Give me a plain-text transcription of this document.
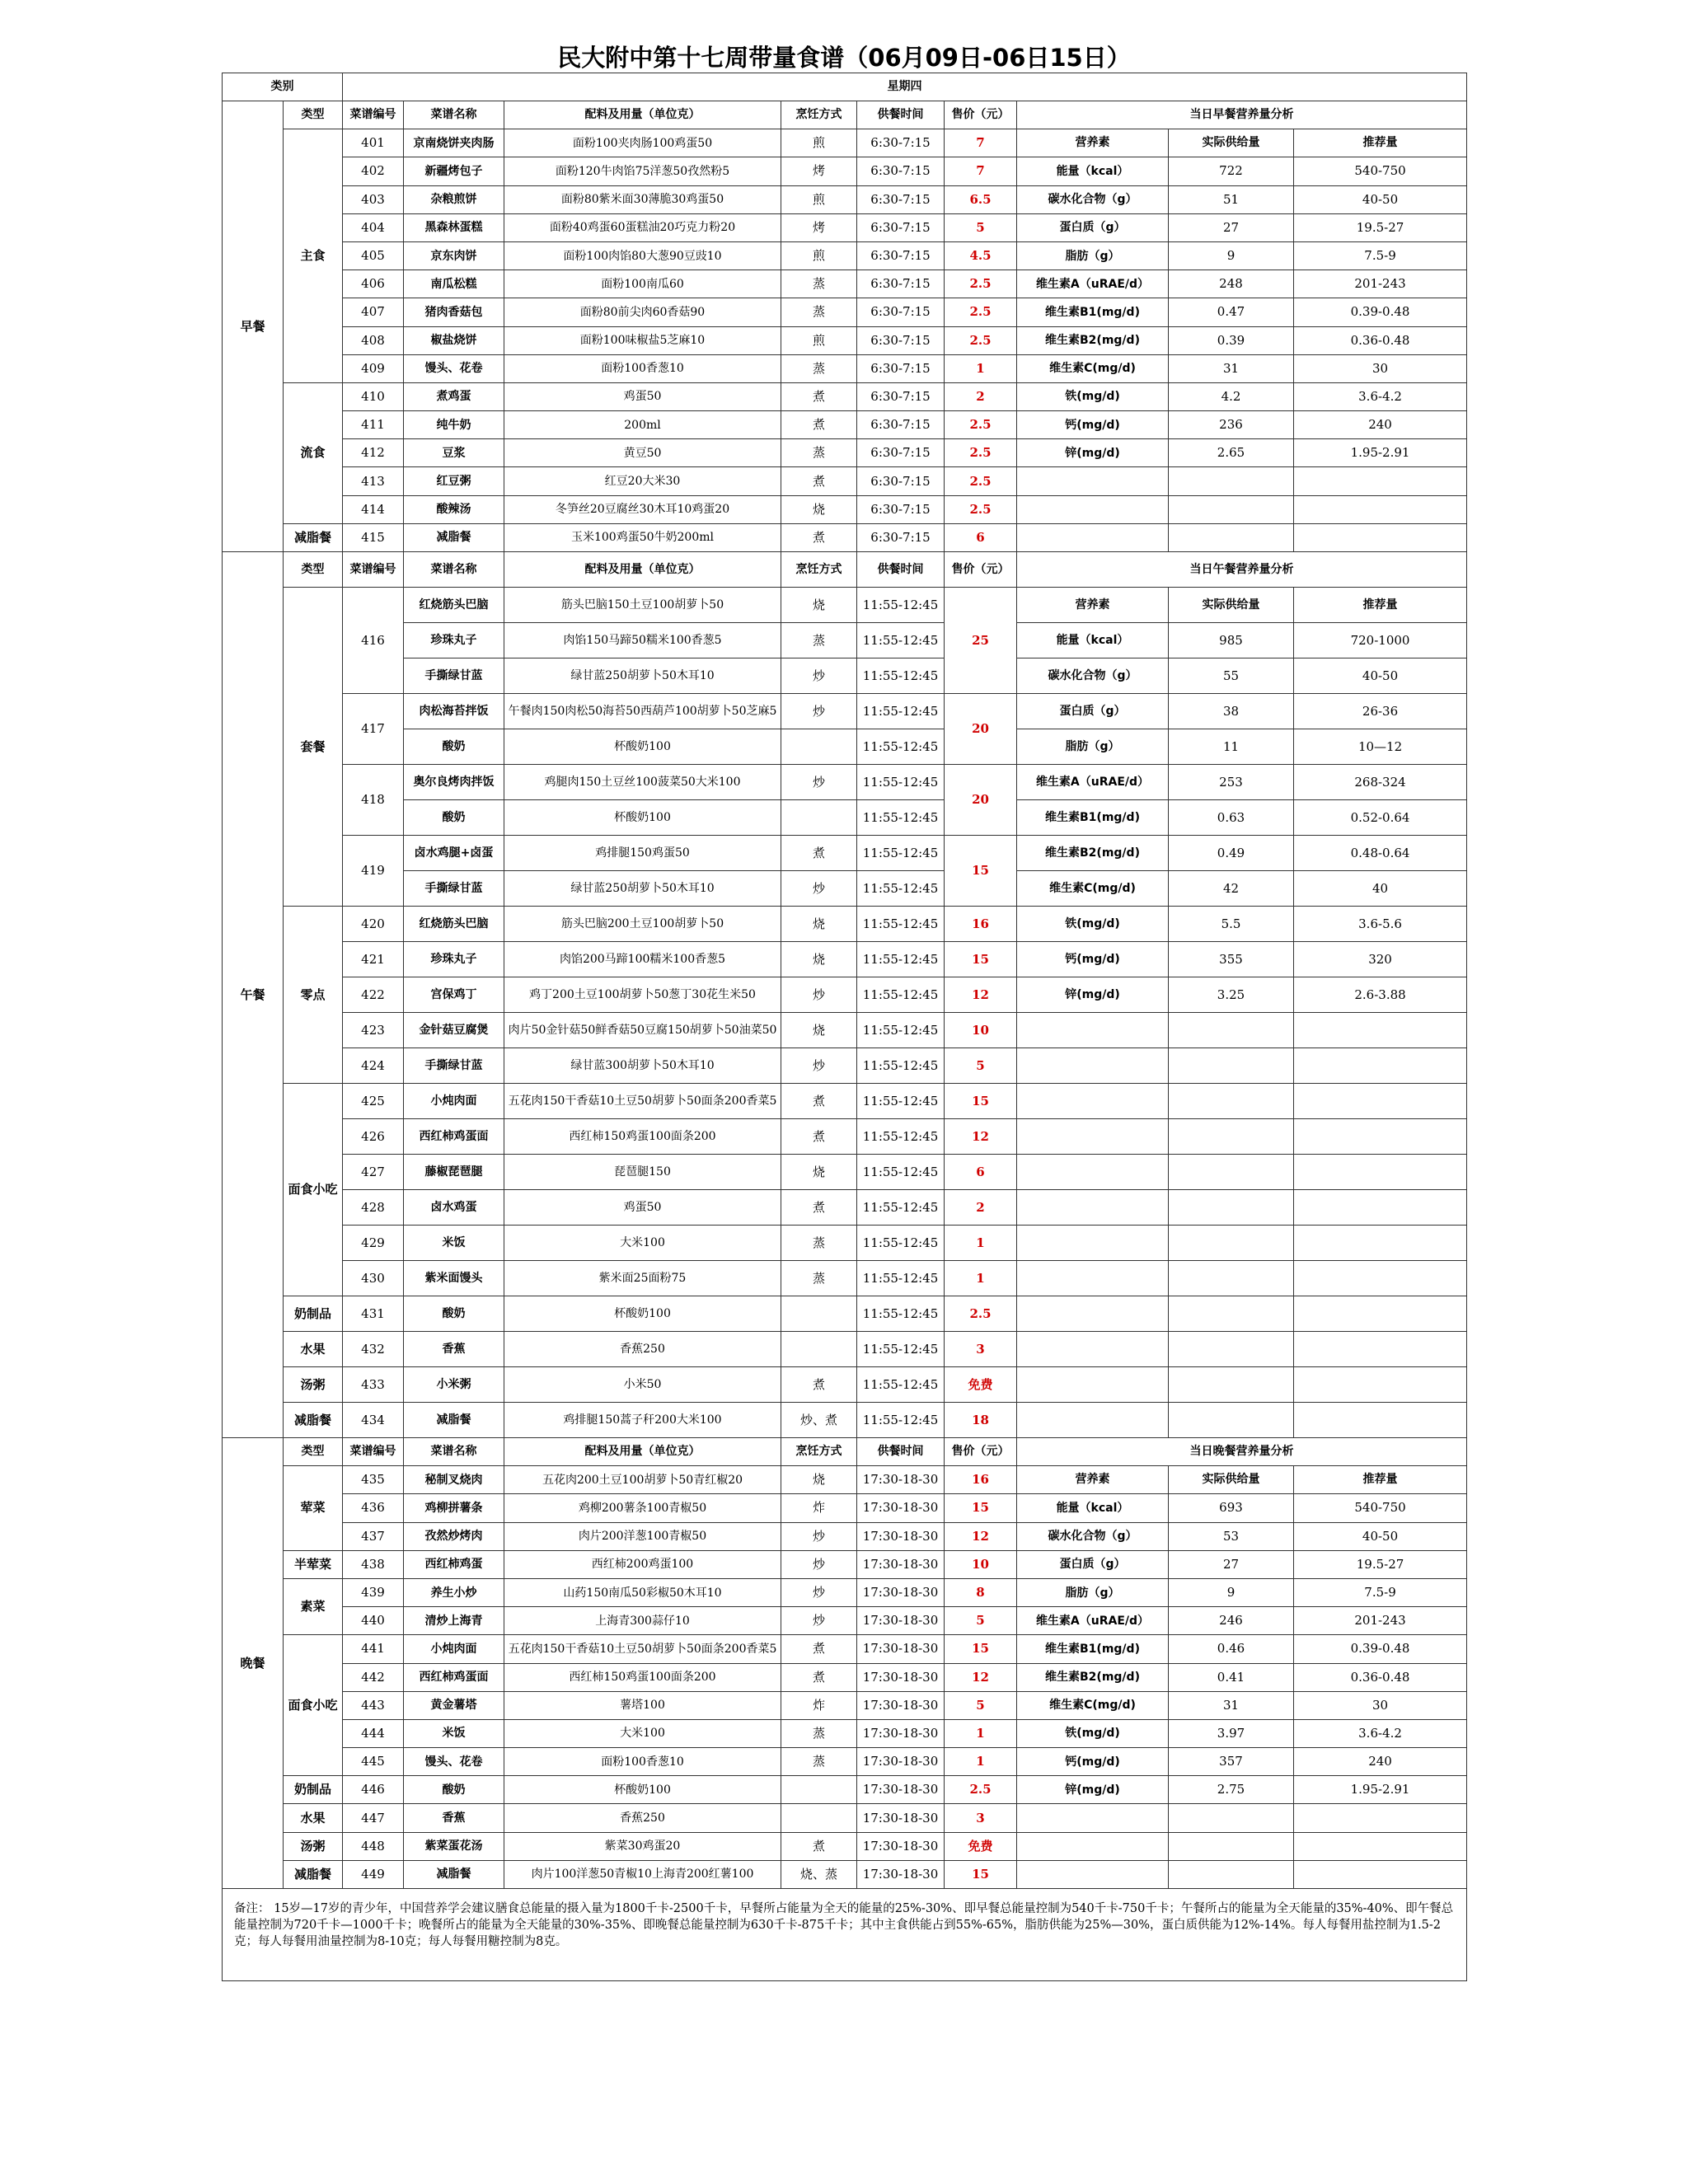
民大附中第十七周带量食谱（06月09日-06日15日）
类别		星期四								
早餐	类型	菜谱编号	菜谱名称	配料及用量（单位克）	烹饪方式	供餐时间	售价（元）	当日早餐营养量分析		
	主食	401	京南烧饼夹肉肠	面粉100夹肉肠100鸡蛋50	煎	6:30-7:15	7	营养素	实际供给量	推荐量
		402	新疆烤包子	面粉120牛肉馅75洋葱50孜然粉5	烤	6:30-7:15	7	能量（kcal）	722	540-750
		403	杂粮煎饼	面粉80紫米面30薄脆30鸡蛋50	煎	6:30-7:15	6.5	碳水化合物（g）	51	40-50
		404	黑森林蛋糕	面粉40鸡蛋60蛋糕油20巧克力粉20	烤	6:30-7:15	5	蛋白质（g）	27	19.5-27
		405	京东肉饼	面粉100肉馅80大葱90豆豉10	煎	6:30-7:15	4.5	脂肪（g）	9	7.5-9
		406	南瓜松糕	面粉100南瓜60	蒸	6:30-7:15	2.5	维生素A（uRAE/d）	248	201-243
		407	猪肉香菇包	面粉80前尖肉60香菇90	蒸	6:30-7:15	2.5	维生素B1(mg/d)	0.47	0.39-0.48
		408	椒盐烧饼	面粉100味椒盐5芝麻10	煎	6:30-7:15	2.5	维生素B2(mg/d)	0.39	0.36-0.48
		409	馒头、花卷	面粉100香葱10	蒸	6:30-7:15	1	维生素C(mg/d)	31	30
	流食	410	煮鸡蛋	鸡蛋50	煮	6:30-7:15	2	铁(mg/d)	4.2	3.6-4.2
		411	纯牛奶	200ml	煮	6:30-7:15	2.5	钙(mg/d)	236	240
		412	豆浆	黄豆50	蒸	6:30-7:15	2.5	锌(mg/d)	2.65	1.95-2.91
		413	红豆粥	红豆20大米30	煮	6:30-7:15	2.5			
		414	酸辣汤	冬笋丝20豆腐丝30木耳10鸡蛋20	烧	6:30-7:15	2.5			
	减脂餐	415	减脂餐	玉米100鸡蛋50牛奶200ml	煮	6:30-7:15	6			
午餐	类型	菜谱编号	菜谱名称	配料及用量（单位克）	烹饪方式	供餐时间	售价（元）	当日午餐营养量分析		
	套餐	416	红烧筋头巴脑	筋头巴脑150土豆100胡萝卜50	烧	11:55-12:45	25	营养素	实际供给量	推荐量
			珍珠丸子	肉馅150马蹄50糯米100香葱5	蒸	11:55-12:45		能量（kcal）	985	720-1000
			手撕绿甘蓝	绿甘蓝250胡萝卜50木耳10	炒	11:55-12:45		碳水化合物（g）	55	40-50
		417	肉松海苔拌饭	午餐肉150肉松50海苔50西葫芦100胡萝卜50芝麻5	炒	11:55-12:45	20	蛋白质（g）	38	26-36
			酸奶	杯酸奶100		11:55-12:45		脂肪（g）	11	10—12
		418	奥尔良烤肉拌饭	鸡腿肉150土豆丝100菠菜50大米100	炒	11:55-12:45	20	维生素A（uRAE/d）	253	268-324
			酸奶	杯酸奶100		11:55-12:45		维生素B1(mg/d)	0.63	0.52-0.64
		419	卤水鸡腿+卤蛋	鸡排腿150鸡蛋50	煮	11:55-12:45	15	维生素B2(mg/d)	0.49	0.48-0.64
			手撕绿甘蓝	绿甘蓝250胡萝卜50木耳10	炒	11:55-12:45		维生素C(mg/d)	42	40
	零点	420	红烧筋头巴脑	筋头巴脑200土豆100胡萝卜50	烧	11:55-12:45	16	铁(mg/d)	5.5	3.6-5.6
		421	珍珠丸子	肉馅200马蹄100糯米100香葱5	烧	11:55-12:45	15	钙(mg/d)	355	320
		422	宫保鸡丁	鸡丁200土豆100胡萝卜50葱丁30花生米50	炒	11:55-12:45	12	锌(mg/d)	3.25	2.6-3.88
		423	金针菇豆腐煲	肉片50金针菇50鲜香菇50豆腐150胡萝卜50油菜50	烧	11:55-12:45	10			
		424	手撕绿甘蓝	绿甘蓝300胡萝卜50木耳10	炒	11:55-12:45	5			
	面食小吃	425	小炖肉面	五花肉150干香菇10土豆50胡萝卜50面条200香菜5	煮	11:55-12:45	15			
		426	西红柿鸡蛋面	西红柿150鸡蛋100面条200	煮	11:55-12:45	12			
		427	藤椒琵琶腿	琵琶腿150	烧	11:55-12:45	6			
		428	卤水鸡蛋	鸡蛋50	煮	11:55-12:45	2			
		429	米饭	大米100	蒸	11:55-12:45	1			
		430	紫米面馒头	紫米面25面粉75	蒸	11:55-12:45	1			
	奶制品	431	酸奶	杯酸奶100		11:55-12:45	2.5			
	水果	432	香蕉	香蕉250		11:55-12:45	3			
	汤粥	433	小米粥	小米50	煮	11:55-12:45	免费			
	减脂餐	434	减脂餐	鸡排腿150蒿子秆200大米100	炒、煮	11:55-12:45	18			
晚餐	类型	菜谱编号	菜谱名称	配料及用量（单位克）	烹饪方式	供餐时间	售价（元）	当日晚餐营养量分析		
	荤菜	435	秘制叉烧肉	五花肉200土豆100胡萝卜50青红椒20	烧	17:30-18-30	16	营养素	实际供给量	推荐量
		436	鸡柳拼薯条	鸡柳200薯条100青椒50	炸	17:30-18-30	15	能量（kcal）	693	540-750
		437	孜然炒烤肉	肉片200洋葱100青椒50	炒	17:30-18-30	12	碳水化合物（g）	53	40-50
	半荤菜	438	西红柿鸡蛋	西红柿200鸡蛋100	炒	17:30-18-30	10	蛋白质（g）	27	19.5-27
	素菜	439	养生小炒	山药150南瓜50彩椒50木耳10	炒	17:30-18-30	8	脂肪（g）	9	7.5-9
		440	清炒上海青	上海青300蒜仔10	炒	17:30-18-30	5	维生素A（uRAE/d）	246	201-243
	面食小吃	441	小炖肉面	五花肉150干香菇10土豆50胡萝卜50面条200香菜5	煮	17:30-18-30	15	维生素B1(mg/d)	0.46	0.39-0.48
		442	西红柿鸡蛋面	西红柿150鸡蛋100面条200	煮	17:30-18-30	12	维生素B2(mg/d)	0.41	0.36-0.48
		443	黄金薯塔	薯塔100	炸	17:30-18-30	5	维生素C(mg/d)	31	30
		444	米饭	大米100	蒸	17:30-18-30	1	铁(mg/d)	3.97	3.6-4.2
		445	馒头、花卷	面粉100香葱10	蒸	17:30-18-30	1	钙(mg/d)	357	240
	奶制品	446	酸奶	杯酸奶100		17:30-18-30	2.5	锌(mg/d)	2.75	1.95-2.91
	水果	447	香蕉	香蕉250		17:30-18-30	3			
	汤粥	448	紫菜蛋花汤	紫菜30鸡蛋20	煮	17:30-18-30	免费			
	减脂餐	449	减脂餐	肉片100洋葱50青椒10上海青200红薯100	烧、蒸	17:30-18-30	15			
备注： 15岁—17岁的青少年，中国营养学会建议膳食总能量的摄入量为1800千卡-2500千卡，早餐所占能量为全天的能量的25%-30%、即早餐总能量控制为540千卡-750千卡；午餐所占的能量为全天能量的35%-40%、即午餐总能量控制为720千卡—1000千卡；晚餐所占的能量为全天能量的30%-35%、即晚餐总能量控制为630千卡-875千卡；其中主食供能占到55%-65%，脂肪供能为25%—30%，蛋白质供能为12%-14%。每人每餐用盐控制为1.5-2克；每人每餐用油量控制为8-10克；每人每餐用糖控制为8克。										
